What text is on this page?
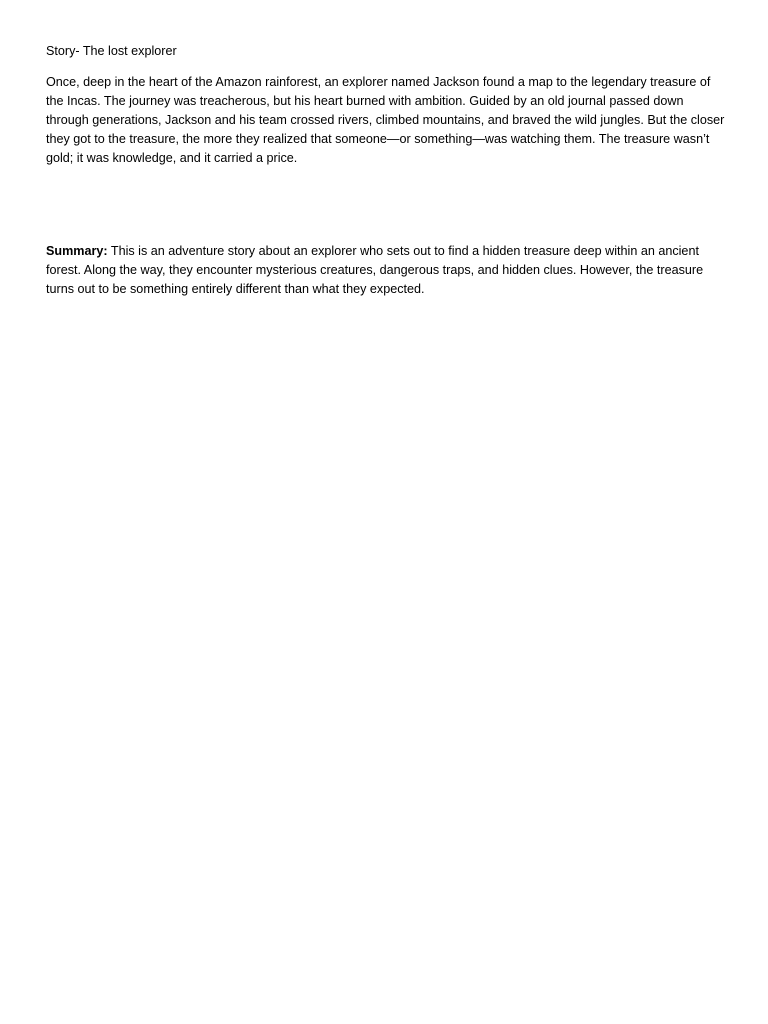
Story- The lost explorer

Once, deep in the heart of the Amazon rainforest, an explorer named Jackson found a map to the legendary treasure of the Incas. The journey was treacherous, but his heart burned with ambition. Guided by an old journal passed down through generations, Jackson and his team crossed rivers, climbed mountains, and braved the wild jungles. But the closer they got to the treasure, the more they realized that someone—or something—was watching them. The treasure wasn’t gold; it was knowledge, and it carried a price.

Summary: This is an adventure story about an explorer who sets out to find a hidden treasure deep within an ancient forest. Along the way, they encounter mysterious creatures, dangerous traps, and hidden clues. However, the treasure turns out to be something entirely different than what they expected.
